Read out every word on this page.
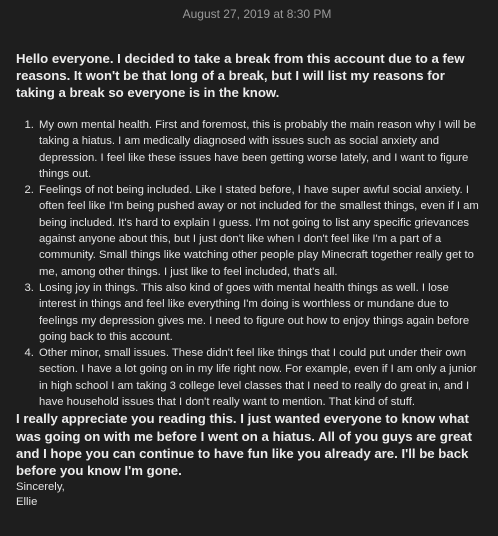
August 27, 2019 at 8:30 PM

Hello everyone. I decided to take a break from this account due to a few reasons. It won't be that long of a break, but I will list my reasons for taking a break so everyone is in the know.

1. My own mental health. First and foremost, this is probably the main reason why I will be taking a hiatus. I am medically diagnosed with issues such as social anxiety and depression. I feel like these issues have been getting worse lately, and I want to figure things out.
2. Feelings of not being included. Like I stated before, I have super awful social anxiety. I often feel like I'm being pushed away or not included for the smallest things, even if I am being included. It's hard to explain I guess. I'm not going to list any specific grievances against anyone about this, but I just don't like when I don't feel like I'm a part of a community. Small things like watching other people play Minecraft together really get to me, among other things. I just like to feel included, that's all.
3. Losing joy in things. This also kind of goes with mental health things as well. I lose interest in things and feel like everything I'm doing is worthless or mundane due to feelings my depression gives me. I need to figure out how to enjoy things again before going back to this account.
4. Other minor, small issues. These didn't feel like things that I could put under their own section. I have a lot going on in my life right now. For example, even if I am only a junior in high school I am taking 3 college level classes that I need to really do great in, and I have household issues that I don't really want to mention. That kind of stuff.

I really appreciate you reading this. I just wanted everyone to know what was going on with me before I went on a hiatus. All of you guys are great and I hope you can continue to have fun like you already are. I'll be back before you know I'm gone.

Sincerely,

Ellie
